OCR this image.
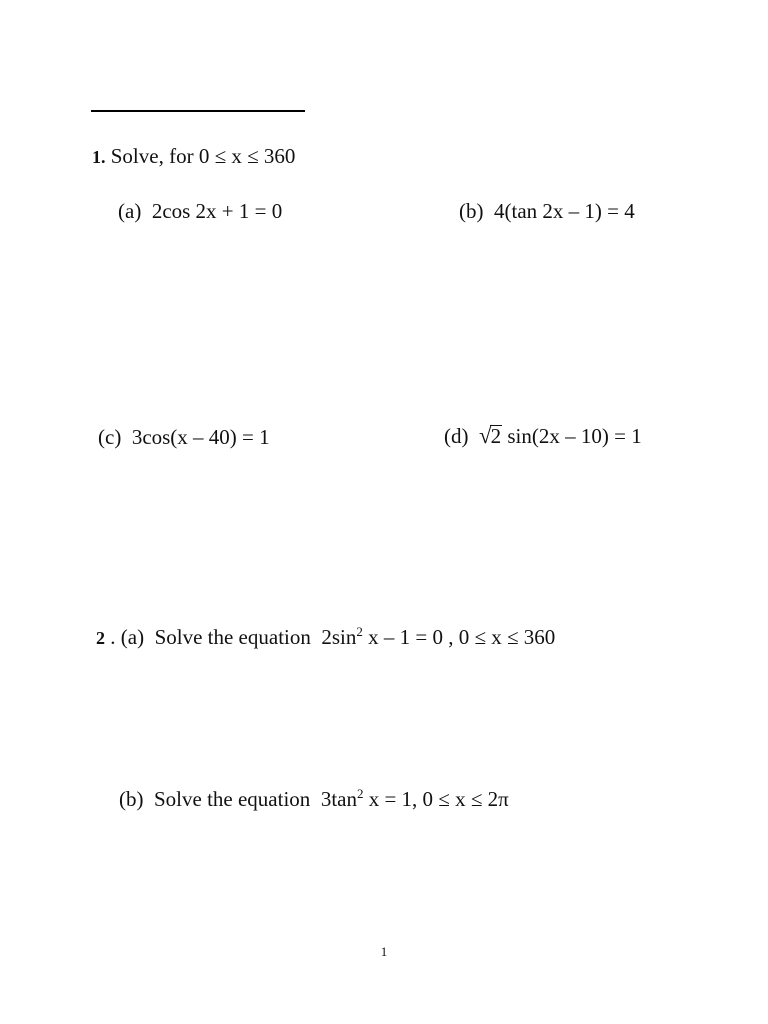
1. Solve, for 0 ≤ x ≤ 360
(a) 2cos 2x + 1 = 0	(b) 4(tan 2x – 1) = 4
(c) 3cos(x – 40) = 1	(d) √2 sin(2x – 10) = 1
2 . (a) Solve the equation $2\sin^2$ x – 1 = 0 , 0 ≤ x ≤ 360
(b) Solve the equation $3\tan^2$ x = 1, 0 ≤ x ≤ 2π
1
